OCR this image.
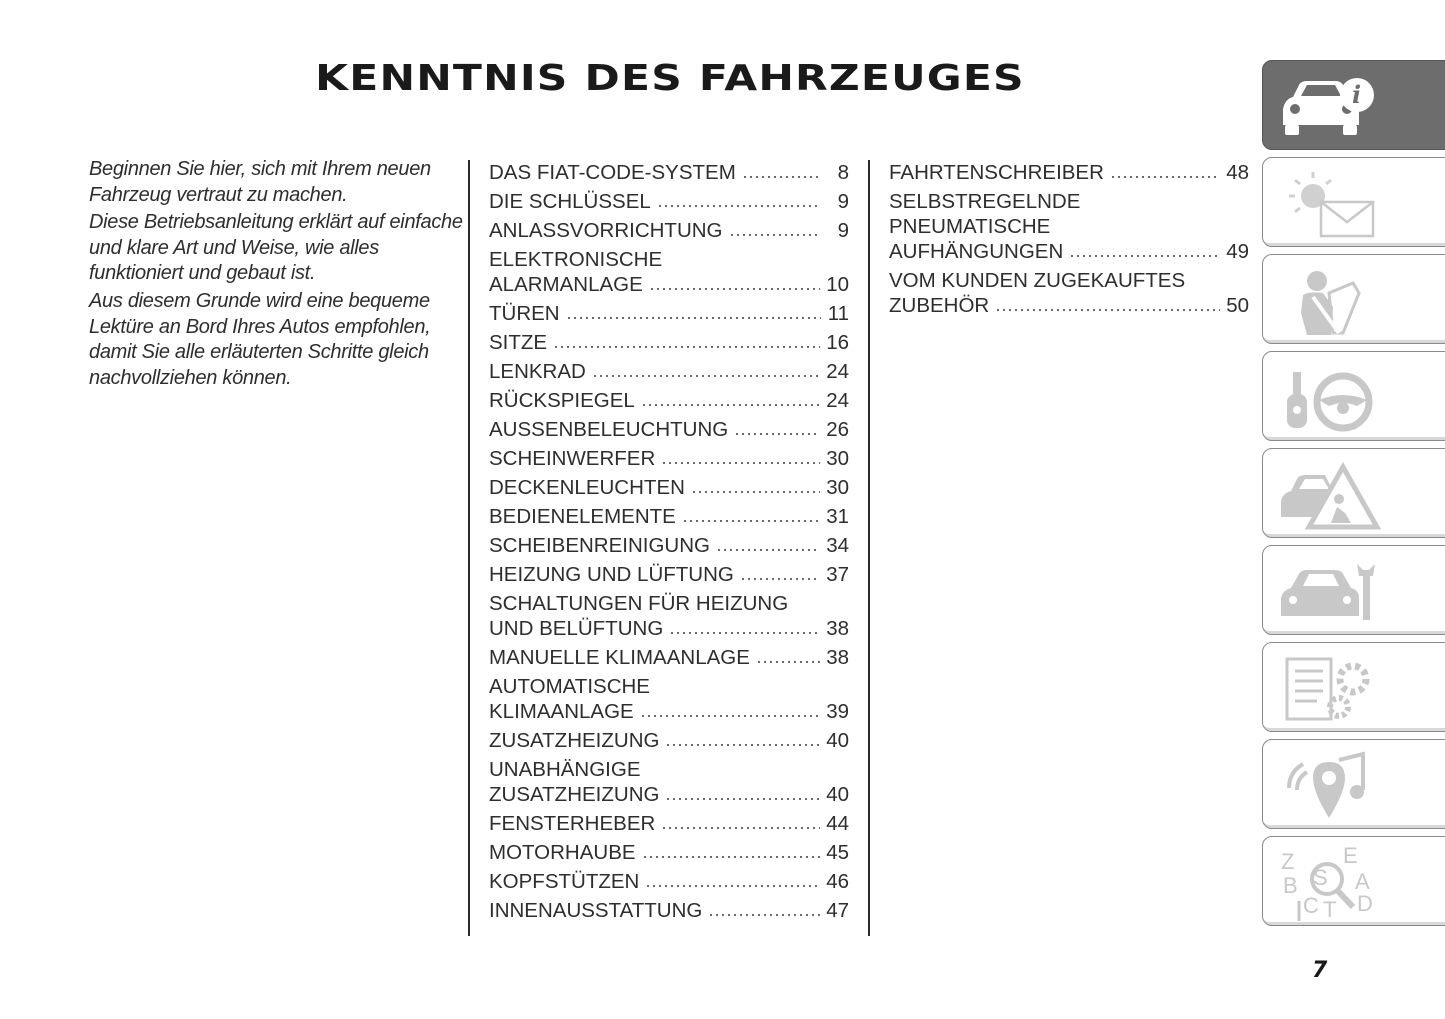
KENNTNIS DES FAHRZEUGES

Beginnen Sie hier, sich mit Ihrem neuen Fahrzeug vertraut zu machen.

Diese Betriebsanleitung erklärt auf einfache und klare Art und Weise, wie alles funktioniert und gebaut ist.

Aus diesem Grunde wird eine bequeme Lektüre an Bord Ihres Autos empfohlen, damit Sie alle erläuterten Schritte gleich nachvollziehen können.

DAS FIAT-CODE-SYSTEM	8
DIE SCHLÜSSEL	9
ANLASSVORRICHTUNG	9
ELEKTRONISCHE
ALARMANLAGE	10
TÜREN	11
SITZE	16
LENKRAD	24
RÜCKSPIEGEL	24
AUSSENBELEUCHTUNG	26
SCHEINWERFER	30
DECKENLEUCHTEN	30
BEDIENELEMENTE	31
SCHEIBENREINIGUNG	34
HEIZUNG UND LÜFTUNG	37
SCHALTUNGEN FÜR HEIZUNG
UND BELÜFTUNG	38
MANUELLE KLIMAANLAGE	38
AUTOMATISCHE
KLIMAANLAGE	39
ZUSATZHEIZUNG	40
UNABHÄNGIGE
ZUSATZHEIZUNG	40
FENSTERHEBER	44
MOTORHAUBE	45
KOPFSTÜTZEN	46
INNENAUSSTATTUNG	47
FAHRTENSCHREIBER	48
SELBSTREGELNDE
PNEUMATISCHE
AUFHÄNGUNGEN	49
VOM KUNDEN ZUGEKAUFTES
ZUBEHÖR	50
i
Z E
B S A
C T D
7
